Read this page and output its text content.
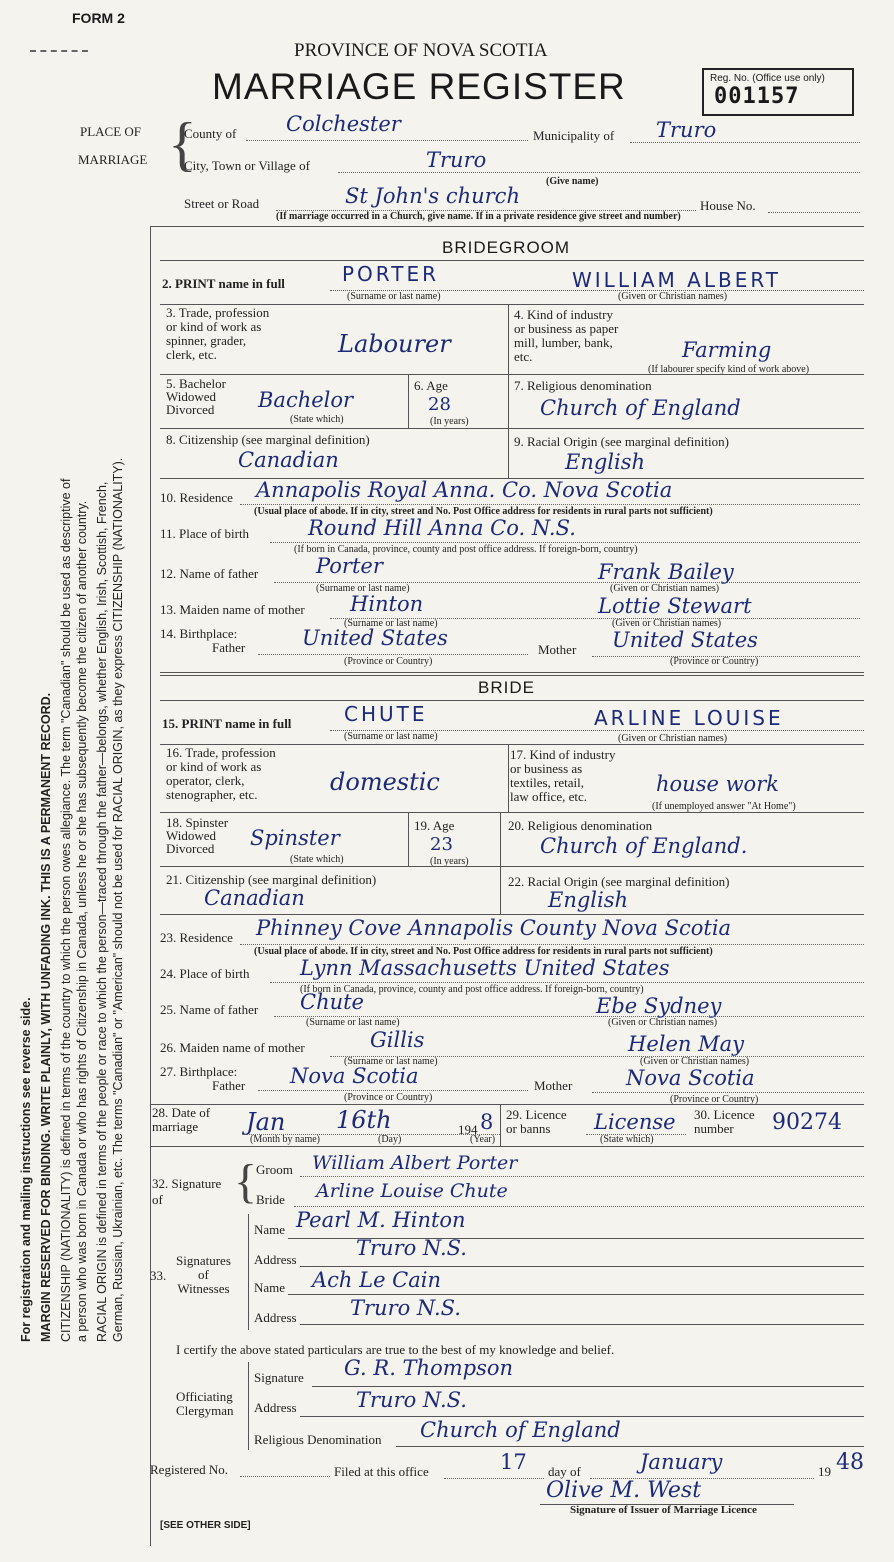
FORM 2
PROVINCE OF NOVA SCOTIA
MARRIAGE REGISTER	Reg. No. (Office use only)
001157
PLACE OF
MARRIAGE {
County of Colchester	Municipality of Truro
City, Town or Village of	Truro
(Give name)
Street or Road	St John's church	House No.
(If marriage occurred in a Church, give name. If in a private residence give street and number)
BRIDEGROOM
2. PRINT name in full	PORTER	WILLIAM ALBERT
(Surname or last name)	(Given or Christian names)
3. Trade, profession
or kind of work as
spinner, grader,
clerk, etc.	Labourer
4. Kind of industry
or business as paper
mill, lumber, bank,
etc.	Farming
(If labourer specify kind of work above)
5. Bachelor
Widowed
Divorced	Bachelor
(State which)
6. Age
28
(In years)
7. Religious denomination
Church of England
8. Citizenship (see marginal definition)
Canadian
9. Racial Origin (see marginal definition)
English
10. Residence Annapolis Royal Anna. Co. Nova Scotia
(Usual place of abode. If in city, street and No. Post Office address for residents in rural parts not sufficient)
11. Place of birth	Round Hill Anna Co. N.S.
(If born in Canada, province, county and post office address. If foreign-born, country)
12. Name of father	Porter	Frank Bailey
(Surname or last name)	(Given or Christian names)
13. Maiden name of mother Hinton	Lottie Stewart
(Surname or last name)	(Given or Christian names)
14. Birthplace:
Father	United States
(Province or Country)
Mother United States
(Province or Country)
BRIDE
15. PRINT name in full	CHUTE	ARLINE LOUISE
(Surname or last name)	(Given or Christian names)
16. Trade, profession
or kind of work as
operator, clerk,
stenographer, etc.	domestic
17. Kind of industry
or business as
textiles, retail,
law office, etc.
house work
(If unemployed answer "At Home")
18. Spinster
Widowed
Divorced	Spinster
(State which)
19. Age
23
(In years)
20. Religious denomination
Church of England.
21. Citizenship (see marginal definition)
Canadian
22. Racial Origin (see marginal definition)
English
23. Residence Phinney Cove Annapolis County Nova Scotia
(Usual place of abode. If in city, street and No. Post Office address for residents in rural parts not sufficient)
24. Place of birth Lynn Massachusetts United States
(If born in Canada, province, county and post office address. If foreign-born, country)
25. Name of father Chute	Ebe Sydney
(Surname or last name)	(Given or Christian names)
26. Maiden name of mother	Gillis	Helen May
(Surname or last name)	(Given or Christian names)
27. Birthplace:
Father Nova Scotia
(Province or Country)
Mother	Nova Scotia
(Province or Country)
28. Date of
marriage	Jan 16th	194 8
(Month by name)	(Day)	(Year)
29. Licence
or banns	License
(State which)
30. Licence
number	90274
32. Signature
of	{
Groom William Albert Porter
Bride Arline Louise Chute
33.
Signatures
of
Witnesses
Name Pearl M. Hinton
Address	Truro N.S.
Name Ach Le Cain
Address	Truro N.S.
I certify the above stated particulars are true to the best of my knowledge and belief.
Officiating
Clergyman
Signature G. R. Thompson
Address	Truro N.S.
Religious Denomination Church of England
Registered No.	Filed at this office	17 day of	January	19 48
Olive M. West
Signature of Issuer of Marriage Licence
[SEE OTHER SIDE]
For registration and mailing instructions see reverse side. MARGIN RESERVED FOR BINDING. WRITE PLAINLY, WITH UNFADING INK. THIS IS A PERMANENT RECORD. CITIZENSHIP (NATIONALITY) is defined in terms of the country to which the person owes allegiance. The term "Canadian" should be used as descriptive of a person who was born in Canada or who has rights of Citizenship in Canada, unless he or she has subsequently become the citizen of another country. RACIAL ORIGIN is defined in terms of the people or race to which the person—traced through the father—belongs, whether English, Irish, Scottish, French, German, Russian, Ukrainian, etc. The terms "Canadian" or "American" should not be used for RACIAL ORIGIN, as they express CITIZENSHIP (NATIONALITY).
